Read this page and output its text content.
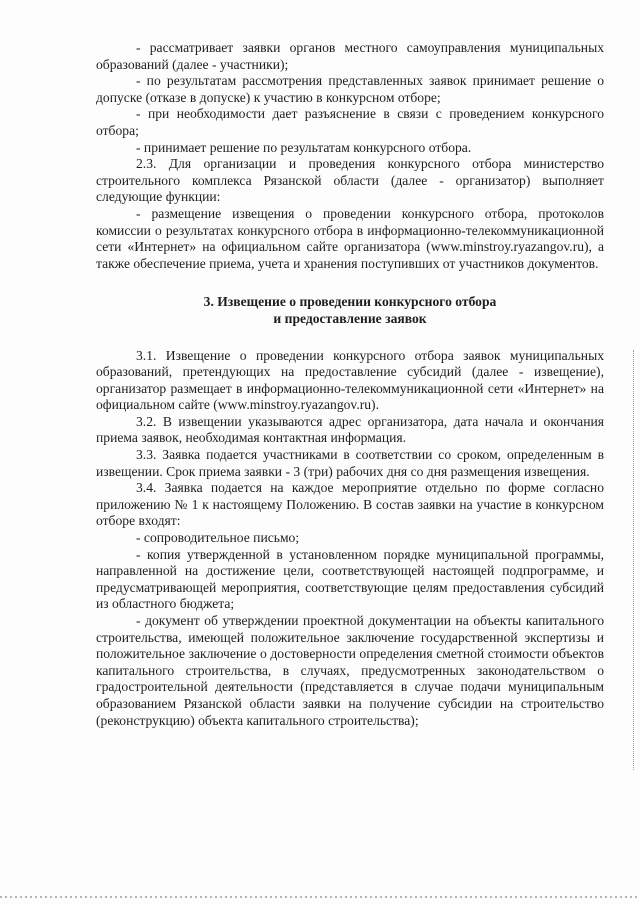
- рассматривает заявки органов местного самоуправления муниципальных образований (далее - участники);

- по результатам рассмотрения представленных заявок принимает решение о допуске (отказе в допуске) к участию в конкурсном отборе;

- при необходимости дает разъяснение в связи с проведением конкурсного отбора;

- принимает решение по результатам конкурсного отбора.

2.3. Для организации и проведения конкурсного отбора министерство строительного комплекса Рязанской области (далее - организатор) выполняет следующие функции:

- размещение извещения о проведении конкурсного отбора, протоколов комиссии о результатах конкурсного отбора в информационно-телекоммуникационной сети «Интернет» на официальном сайте организатора (www.minstroy.ryazangov.ru), а также обеспечение приема, учета и хранения поступивших от участников документов.

3. Извещение о проведении конкурсного отбора
и предоставление заявок

3.1. Извещение о проведении конкурсного отбора заявок муниципальных образований, претендующих на предоставление субсидий (далее - извещение), организатор размещает в информационно-телекоммуникационной сети «Интернет» на официальном сайте (www.minstroy.ryazangov.ru).

3.2. В извещении указываются адрес организатора, дата начала и окончания приема заявок, необходимая контактная информация.

3.3. Заявка подается участниками в соответствии со сроком, определенным в извещении. Срок приема заявки - 3 (три) рабочих дня со дня размещения извещения.

3.4. Заявка подается на каждое мероприятие отдельно по форме согласно приложению № 1 к настоящему Положению. В состав заявки на участие в конкурсном отборе входят:

- сопроводительное письмо;

- копия утвержденной в установленном порядке муниципальной программы, направленной на достижение цели, соответствующей настоящей подпрограмме, и предусматривающей мероприятия, соответствующие целям предоставления субсидий из областного бюджета;

- документ об утверждении проектной документации на объекты капитального строительства, имеющей положительное заключение государственной экспертизы и положительное заключение о достоверности определения сметной стоимости объектов капитального строительства, в случаях, предусмотренных законодательством о градостроительной деятельности (представляется в случае подачи муниципальным образованием Рязанской области заявки на получение субсидии на строительство (реконструкцию) объекта капитального строительства);
